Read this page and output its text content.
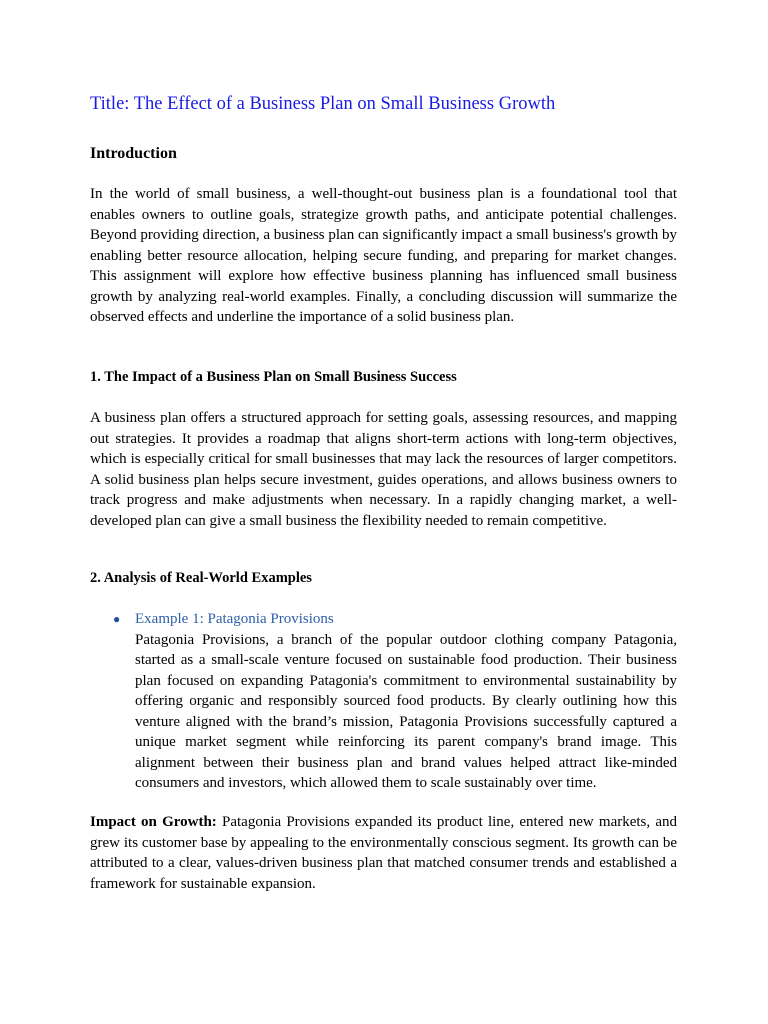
Title: The Effect of a Business Plan on Small Business Growth
Introduction

In the world of small business, a well-thought-out business plan is a foundational tool that enables owners to outline goals, strategize growth paths, and anticipate potential challenges. Beyond providing direction, a business plan can significantly impact a small business's growth by enabling better resource allocation, helping secure funding, and preparing for market changes. This assignment will explore how effective business planning has influenced small business growth by analyzing real-world examples. Finally, a concluding discussion will summarize the observed effects and underline the importance of a solid business plan.

1. The Impact of a Business Plan on Small Business Success

A business plan offers a structured approach for setting goals, assessing resources, and mapping out strategies. It provides a roadmap that aligns short-term actions with long-term objectives, which is especially critical for small businesses that may lack the resources of larger competitors. A solid business plan helps secure investment, guides operations, and allows business owners to track progress and make adjustments when necessary. In a rapidly changing market, a well-developed plan can give a small business the flexibility needed to remain competitive.

2. Analysis of Real-World Examples
● Example 1: Patagonia Provisions

Patagonia Provisions, a branch of the popular outdoor clothing company Patagonia, started as a small-scale venture focused on sustainable food production. Their business plan focused on expanding Patagonia's commitment to environmental sustainability by offering organic and responsibly sourced food products. By clearly outlining how this venture aligned with the brand’s mission, Patagonia Provisions successfully captured a unique market segment while reinforcing its parent company's brand image. This alignment between their business plan and brand values helped attract like-minded consumers and investors, which allowed them to scale sustainably over time.

Impact on Growth: Patagonia Provisions expanded its product line, entered new markets, and grew its customer base by appealing to the environmentally conscious segment. Its growth can be attributed to a clear, values-driven business plan that matched consumer trends and established a framework for sustainable expansion.
